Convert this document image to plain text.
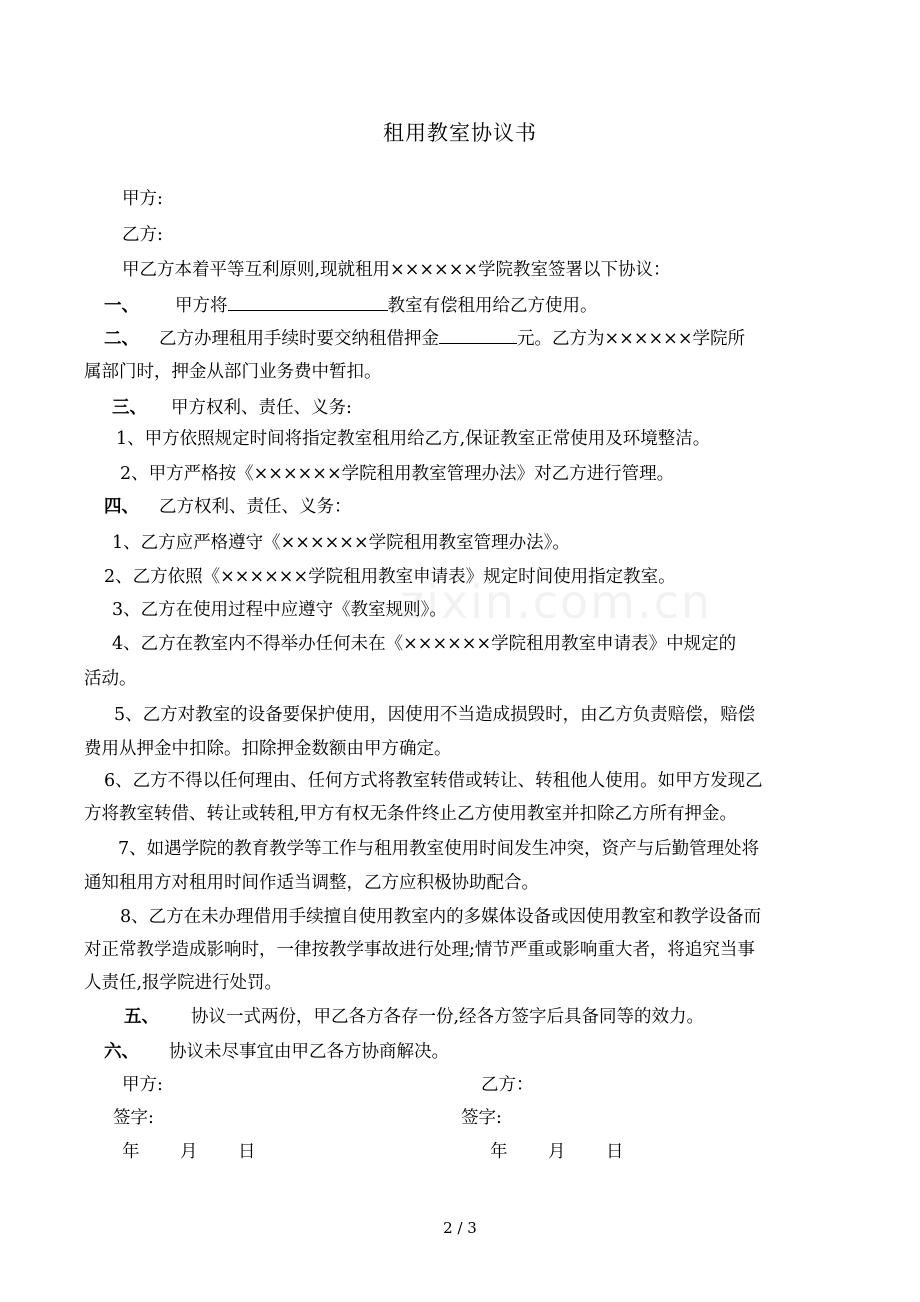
租用教室协议书
甲方:
乙方:
甲乙方本着平等互利原则,现就租用××××××学院教室签署以下协议：
一、 甲方将	教室有偿租用给乙方使用。
二、 乙方办理租用手续时要交纳租借押金	元。乙方为××××××学院所
属部门时，押金从部门业务费中暂扣。
三、 甲方权利、责任、义务:
1、甲方依照规定时间将指定教室租用给乙方,保证教室正常使用及环境整洁。
2、甲方严格按《××××××学院租用教室管理办法》对乙方进行管理。
四、 乙方权利、责任、义务：
1、乙方应严格遵守《××××××学院租用教室管理办法》。
2、乙方依照《××××××学院租用教室申请表》规定时间使用指定教室。
3、乙方在使用过程中应遵守《教室规则》。
4、乙方在教室内不得举办任何未在《××××××学院租用教室申请表》中规定的
活动。
5、乙方对教室的设备要保护使用，因使用不当造成损毁时，由乙方负责赔偿，赔偿
费用从押金中扣除。扣除押金数额由甲方确定。
6、乙方不得以任何理由、任何方式将教室转借或转让、转租他人使用。如甲方发现乙
方将教室转借、转让或转租,甲方有权无条件终止乙方使用教室并扣除乙方所有押金。
7、如遇学院的教育教学等工作与租用教室使用时间发生冲突，资产与后勤管理处将
通知租用方对租用时间作适当调整，乙方应积极协助配合。
8、乙方在未办理借用手续擅自使用教室内的多媒体设备或因使用教室和教学设备而
对正常教学造成影响时，一律按教学事故进行处理;情节严重或影响重大者，将追究当事
人责任,报学院进行处罚。
五、 协议一式两份，甲乙各方各存一份,经各方签字后具备同等的效力。
六、 协议未尽事宜由甲乙各方协商解决。
甲方:	乙方：
签字:	签字:
年 月 日	年 月 日
zixin.com.cn
2 / 3
